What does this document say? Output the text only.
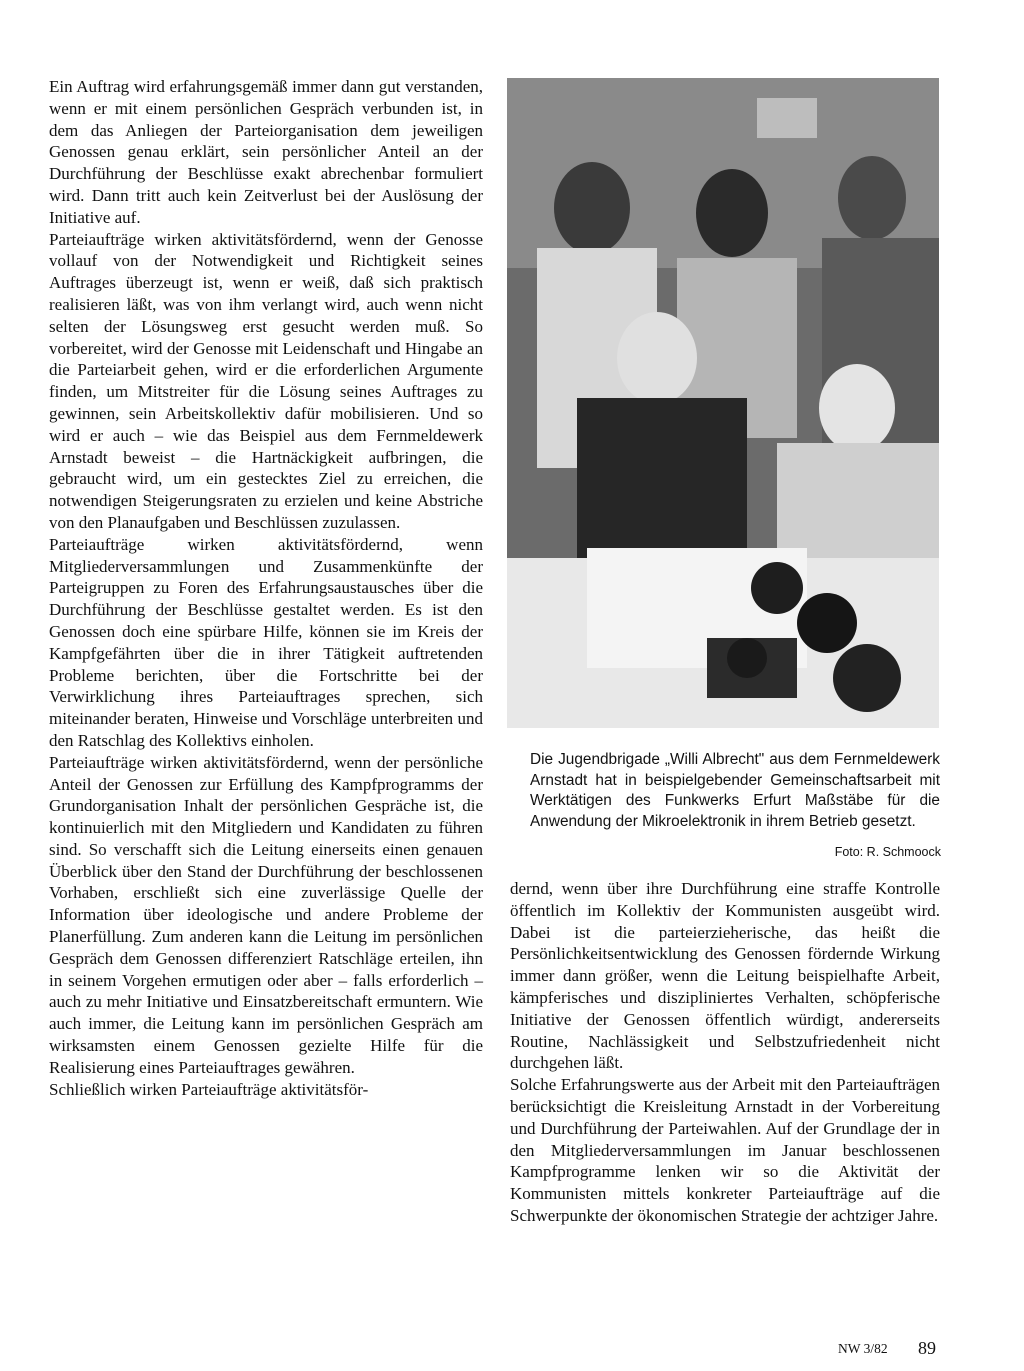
Ein Auftrag wird erfahrungsgemäß immer dann gut verstanden, wenn er mit einem persönlichen Gespräch verbunden ist, in dem das Anliegen der Parteiorganisation dem jeweiligen Genossen genau erklärt, sein persönlicher Anteil an der Durchführung der Beschlüsse exakt abrechenbar formuliert wird. Dann tritt auch kein Zeitverlust bei der Auslösung der Initiative auf.

Parteiaufträge wirken aktivitätsfördernd, wenn der Genosse vollauf von der Notwendigkeit und Richtigkeit seines Auftrages überzeugt ist, wenn er weiß, daß sich praktisch realisieren läßt, was von ihm verlangt wird, auch wenn nicht selten der Lösungsweg erst gesucht werden muß. So vorbereitet, wird der Genosse mit Leidenschaft und Hingabe an die Parteiarbeit gehen, wird er die erforderlichen Argumente finden, um Mitstreiter für die Lösung seines Auftrages zu gewinnen, sein Arbeitskollektiv dafür mobilisieren. Und so wird er auch – wie das Beispiel aus dem Fernmeldewerk Arnstadt beweist – die Hartnäckigkeit aufbringen, die gebraucht wird, um ein gestecktes Ziel zu erreichen, die notwendigen Steigerungsraten zu erzielen und keine Abstriche von den Planaufgaben und Beschlüssen zuzulassen.

Parteiaufträge wirken aktivitätsfördernd, wenn Mitgliederversammlungen und Zusammenkünfte der Parteigruppen zu Foren des Erfahrungsaustausches über die Durchführung der Beschlüsse gestaltet werden. Es ist den Genossen doch eine spürbare Hilfe, können sie im Kreis der Kampfgefährten über die in ihrer Tätigkeit auftretenden Probleme berichten, über die Fortschritte bei der Verwirklichung ihres Parteiauftrages sprechen, sich miteinander beraten, Hinweise und Vorschläge unterbreiten und den Ratschlag des Kollektivs einholen.

Parteiaufträge wirken aktivitätsfördernd, wenn der persönliche Anteil der Genossen zur Erfüllung des Kampfprogramms der Grundorganisation Inhalt der persönlichen Gespräche ist, die kontinuierlich mit den Mitgliedern und Kandidaten zu führen sind. So verschafft sich die Leitung einerseits einen genauen Überblick über den Stand der Durchführung der beschlossenen Vorhaben, erschließt sich eine zuverlässige Quelle der Information über ideologische und andere Probleme der Planerfüllung. Zum anderen kann die Leitung im persönlichen Gespräch dem Genossen differenziert Ratschläge erteilen, ihn in seinem Vorgehen ermutigen oder aber – falls erforderlich – auch zu mehr Initiative und Einsatzbereitschaft ermuntern. Wie auch immer, die Leitung kann im persönlichen Gespräch am wirksamsten einem Genossen gezielte Hilfe für die Realisierung eines Parteiauftrages gewähren.

Schließlich wirken Parteiaufträge aktivitätsför-

Die Jugendbrigade „Willi Albrecht" aus dem Fernmeldewerk Arnstadt hat in beispielgebender Gemeinschaftsarbeit mit Werktätigen des Funkwerks Erfurt Maßstäbe für die Anwendung der Mikroelektronik in ihrem Betrieb gesetzt.
Foto: R. Schmoock

dernd, wenn über ihre Durchführung eine straffe Kontrolle öffentlich im Kollektiv der Kommunisten ausgeübt wird. Dabei ist die parteierzieherische, das heißt die Persönlichkeitsentwicklung des Genossen fördernde Wirkung immer dann größer, wenn die Leitung beispielhafte Arbeit, kämpferisches und diszipliniertes Verhalten, schöpferische Initiative der Genossen öffentlich würdigt, andererseits Routine, Nachlässigkeit und Selbstzufriedenheit nicht durchgehen läßt.

Solche Erfahrungswerte aus der Arbeit mit den Parteiaufträgen berücksichtigt die Kreisleitung Arnstadt in der Vorbereitung und Durchführung der Parteiwahlen. Auf der Grundlage der in den Mitgliederversammlungen im Januar beschlossenen Kampfprogramme lenken wir so die Aktivität der Kommunisten mittels konkreter Parteiaufträge auf die Schwerpunkte der ökonomischen Strategie der achtziger Jahre.

NW 3/82 89
